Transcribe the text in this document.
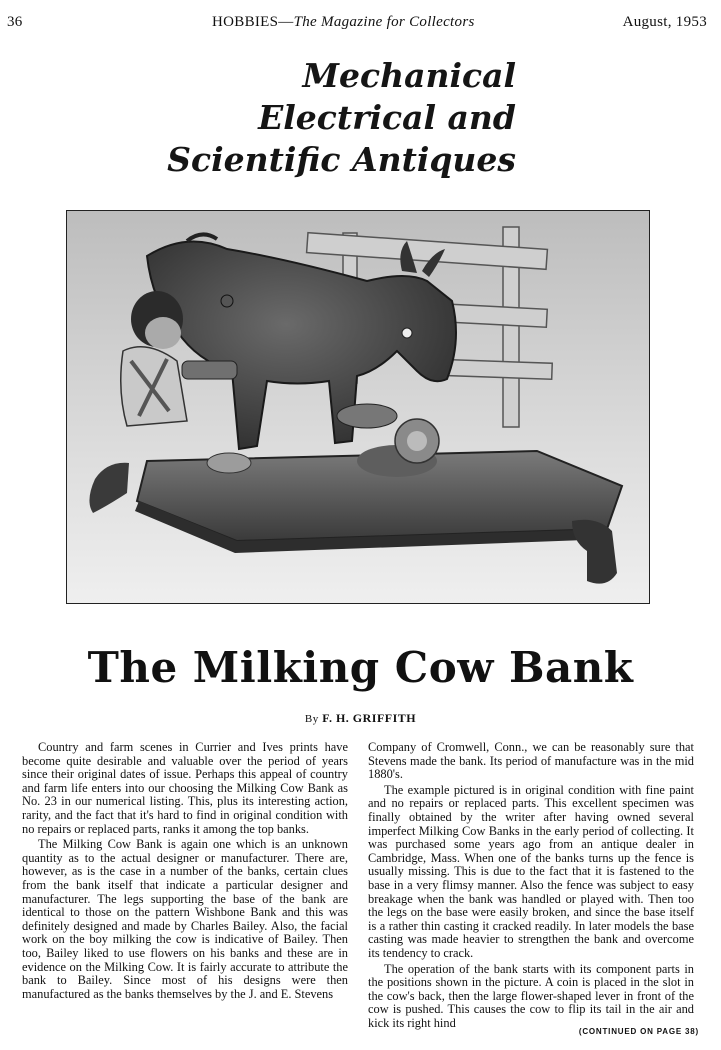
36	HOBBIES—The Magazine for Collectors	August, 1953
Mechanical
Electrical and
Scientific Antiques
The Milking Cow Bank
By F. H. GRIFFITH

Country and farm scenes in Currier and Ives prints have become quite desirable and valuable over the period of years since their original dates of issue. Perhaps this appeal of country and farm life enters into our choosing the Milking Cow Bank as No. 23 in our numerical listing. This, plus its interesting action, rarity, and the fact that it's hard to find in original condition with no repairs or replaced parts, ranks it among the top banks.

The Milking Cow Bank is again one which is an unknown quantity as to the actual designer or manufacturer. There are, however, as is the case in a number of the banks, certain clues from the bank itself that indicate a particular designer and manufacturer. The legs supporting the base of the bank are identical to those on the pattern Wishbone Bank and this was definitely designed and made by Charles Bailey. Also, the facial work on the boy milking the cow is indicative of Bailey. Then too, Bailey liked to use flowers on his banks and these are in evidence on the Milking Cow. It is fairly accurate to attribute the bank to Bailey. Since most of his designs were then manufactured as the banks themselves by the J. and E. Stevens

Company of Cromwell, Conn., we can be reasonably sure that Stevens made the bank. Its period of manufacture was in the mid 1880's.

The example pictured is in original condition with fine paint and no repairs or replaced parts. This excellent specimen was finally obtained by the writer after having owned several imperfect Milking Cow Banks in the early period of collecting. It was purchased some years ago from an antique dealer in Cambridge, Mass. When one of the banks turns up the fence is usually missing. This is due to the fact that it is fastened to the base in a very flimsy manner. Also the fence was subject to easy breakage when the bank was handled or played with. Then too the legs on the base were easily broken, and since the base itself is a rather thin casting it cracked readily. In later models the base casting was made heavier to strengthen the bank and overcome its tendency to crack.

The operation of the bank starts with its component parts in the positions shown in the picture. A coin is placed in the slot in the cow's back, then the large flower-shaped lever in front of the cow is pushed. This causes the cow to flip its tail in the air and kick its right hind

(CONTINUED ON PAGE 38)
